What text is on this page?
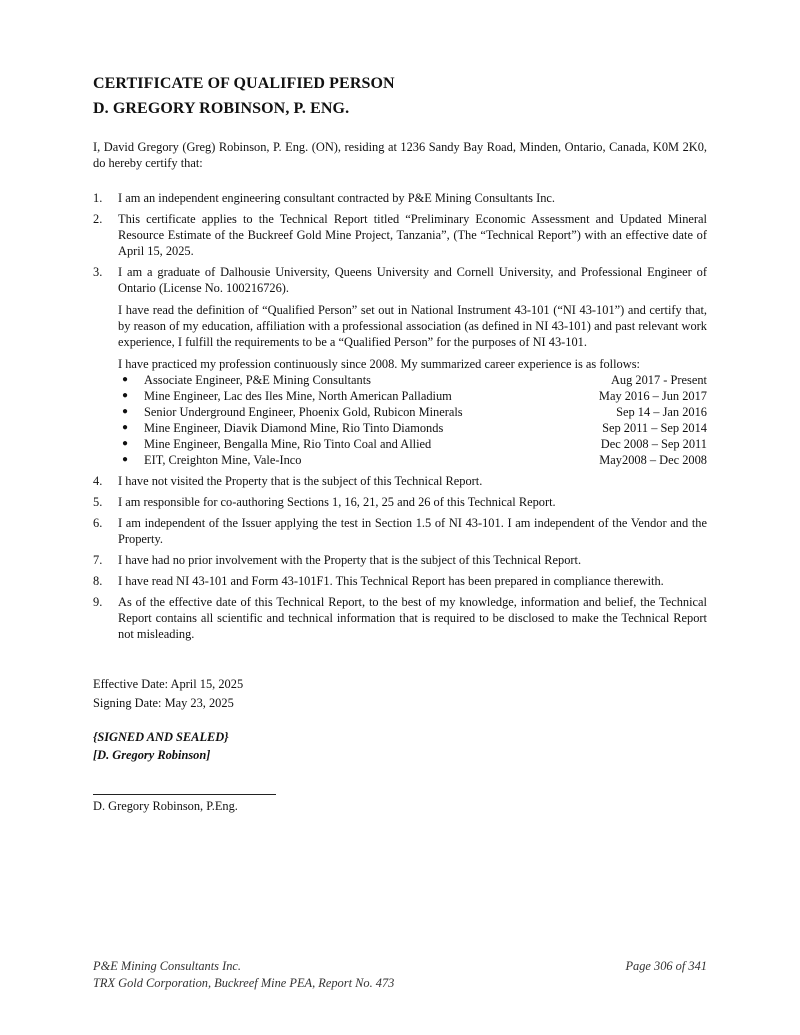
CERTIFICATE OF QUALIFIED PERSON
D. GREGORY ROBINSON, P. ENG.

I, David Gregory (Greg) Robinson, P. Eng. (ON), residing at 1236 Sandy Bay Road, Minden, Ontario, Canada, K0M 2K0, do hereby certify that:

1. I am an independent engineering consultant contracted by P&E Mining Consultants Inc.

2. This certificate applies to the Technical Report titled “Preliminary Economic Assessment and Updated Mineral Resource Estimate of the Buckreef Gold Mine Project, Tanzania”, (The “Technical Report”) with an effective date of April 15, 2025.

3. I am a graduate of Dalhousie University, Queens University and Cornell University, and Professional Engineer of Ontario (License No. 100216726).

I have read the definition of “Qualified Person” set out in National Instrument 43-101 (“NI 43-101”) and certify that, by reason of my education, affiliation with a professional association (as defined in NI 43-101) and past relevant work experience, I fulfill the requirements to be a “Qualified Person” for the purposes of NI 43-101.

I have practiced my profession continuously since 2008. My summarized career experience is as follows:

● Associate Engineer, P&E Mining Consultants	Aug 2017 - Present
● Mine Engineer, Lac des Iles Mine, North American Palladium	May 2016 – Jun 2017
● Senior Underground Engineer, Phoenix Gold, Rubicon Minerals	Sep 14 – Jan 2016
● Mine Engineer, Diavik Diamond Mine, Rio Tinto Diamonds	Sep 2011 – Sep 2014
● Mine Engineer, Bengalla Mine, Rio Tinto Coal and Allied	Dec 2008 – Sep 2011
● EIT, Creighton Mine, Vale-Inco	May2008 – Dec 2008
4. I have not visited the Property that is the subject of this Technical Report.

5. I am responsible for co-authoring Sections 1, 16, 21, 25 and 26 of this Technical Report.

6. I am independent of the Issuer applying the test in Section 1.5 of NI 43-101. I am independent of the Vendor and the Property.

7. I have had no prior involvement with the Property that is the subject of this Technical Report.

8. I have read NI 43-101 and Form 43-101F1. This Technical Report has been prepared in compliance therewith.

9. As of the effective date of this Technical Report, to the best of my knowledge, information and belief, the Technical Report contains all scientific and technical information that is required to be disclosed to make the Technical Report not misleading.

Effective Date: April 15, 2025
Signing Date: May 23, 2025
{SIGNED AND SEALED}
[D. Gregory Robinson]

D. Gregory Robinson, P.Eng.

P&E Mining Consultants Inc.	Page 306 of 341
TRX Gold Corporation, Buckreef Mine PEA, Report No. 473
